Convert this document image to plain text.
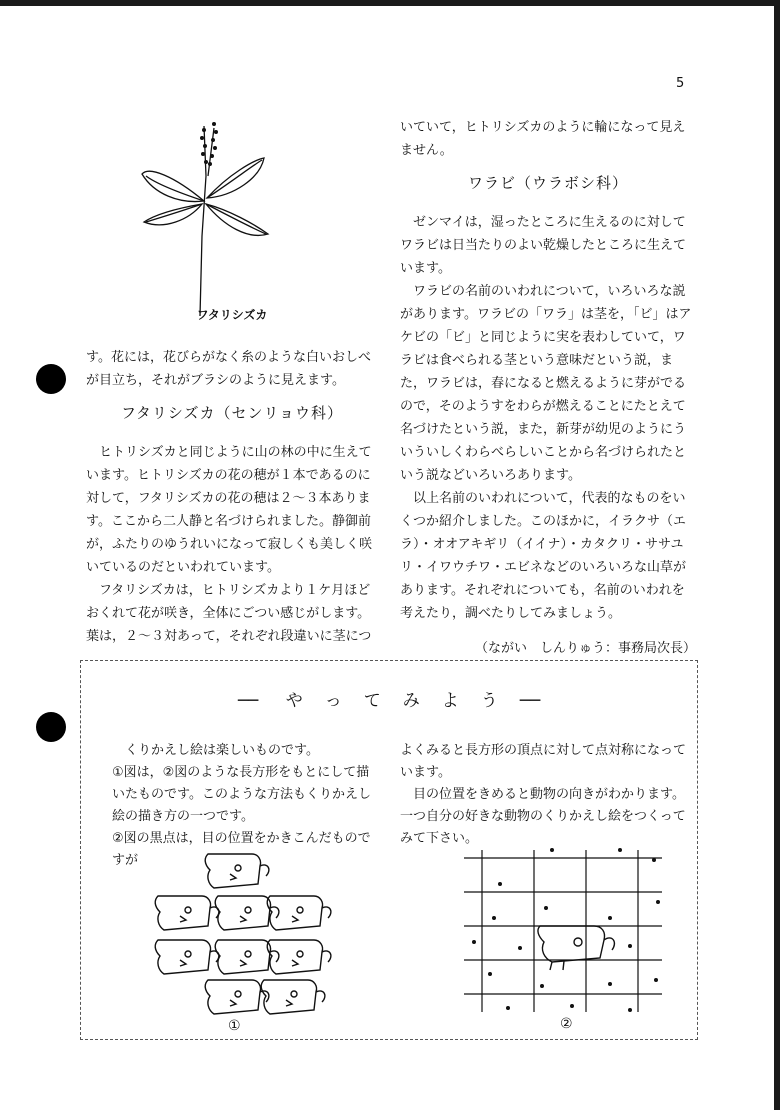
5
フタリシズカ

す。花には，花びらがなく糸のような白いおしべ

が目立ち，それがブラシのように見えます。

フタリシズカ（センリョウ科）

ヒトリシズカと同じように山の林の中に生えています。ヒトリシズカの花の穂が１本であるのに対して，フタリシズカの花の穂は２～３本あります。ここから二人静と名づけられました。静御前が，ふたりのゆうれいになって寂しくも美しく咲いているのだといわれています。

フタリシズカは，ヒトリシズカより１ケ月ほどおくれて花が咲き，全体にごつい感じがします。葉は，２～３対あって，それぞれ段違いに茎につ

いていて，ヒトリシズカのように輪になって見え

ません。

ワラビ（ウラボシ科）

ゼンマイは，湿ったところに生えるのに対してワラビは日当たりのよい乾燥したところに生えています。

ワラビの名前のいわれについて，いろいろな説があります。ワラビの「ワラ」は茎を，「ビ」はアケビの「ビ」と同じように実を表わしていて，ワラビは食べられる茎という意味だという説，また，ワラビは，春になると燃えるように芽がでるので，そのようすをわらが燃えることにたとえて名づけたという説，また，新芽が幼児のようにういういしくわらべらしいことから名づけられたという説などいろいろあります。

以上名前のいわれについて，代表的なものをいくつか紹介しました。このほかに，イラクサ（エラ）・オオアキギリ（イイナ）・カタクリ・ササユリ・イワウチワ・エビネなどのいろいろな山草があります。それぞれについても，名前のいわれを考えたり，調べたりしてみましょう。

（ながい　しんりゅう：事務局次長）

── やってみよう──

くりかえし絵は楽しいものです。

①図は，②図のような長方形をもとにして描いたものです。このような方法もくりかえし絵の描き方の一つです。

②図の黒点は，目の位置をかきこんだものですが

よくみると長方形の頂点に対して点対称になっています。

目の位置をきめると動物の向きがわかります。一つ自分の好きな動物のくりかえし絵をつくってみて下さい。

①	②
